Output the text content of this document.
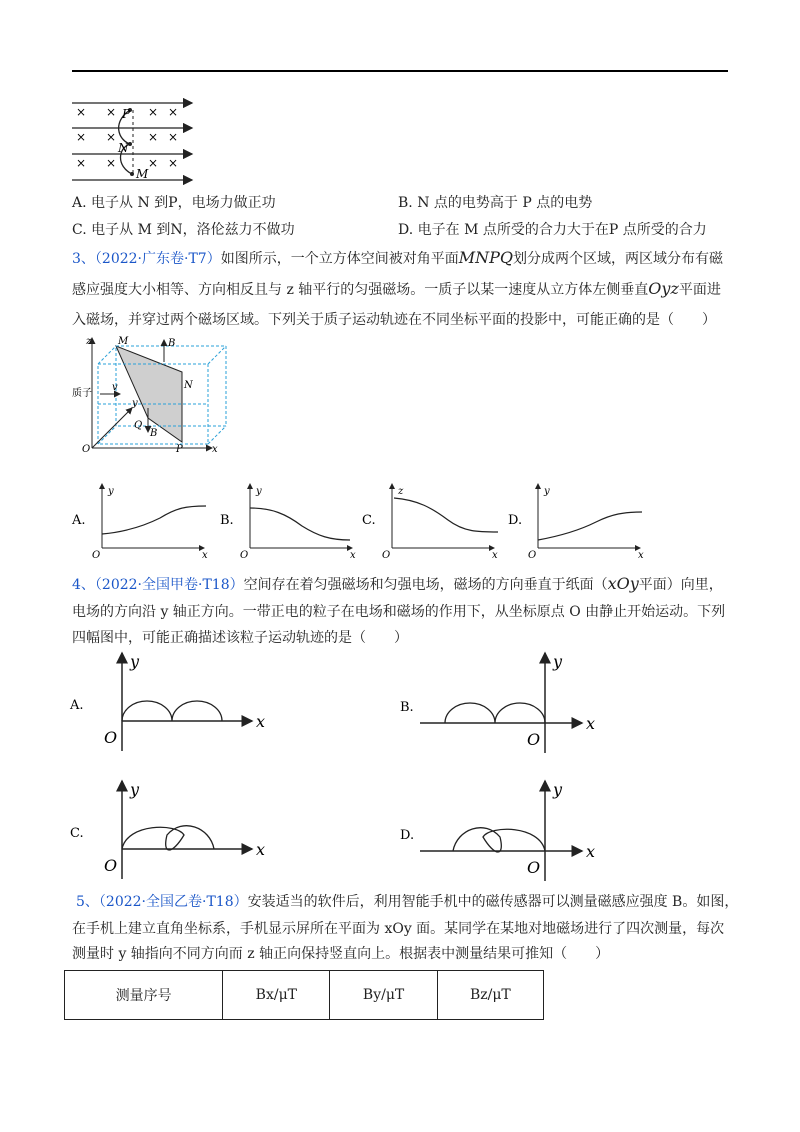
P
N
M
× ×	× ×
× ×	× ×
× ×	× ×
A. 电子从 N 到P，电场力做正功	B. N 点的电势高于 P 点的电势
C. 电子从 M 到N，洛伦兹力不做功	D. 电子在 M 点所受的合力大于在P 点所受的合力
3、（2022·广东卷·T7）如图所示，一个立方体空间被对角平面MNPQ划分成两个区域，两区域分布有磁
感应强度大小相等、方向相反且与 z 轴平行的匀强磁场。一质子以某一速度从立方体左侧垂直Oyz平面进
入磁场，并穿过两个磁场区域。下列关于质子运动轨迹在不同坐标平面的投影中，可能正确的是（　　）
z	M	B
N
质子
v
y
Q
B
O	P	x
A.
y
O	x
B.
y
O	x
C.
z
O	x
D.
y
O	x
4、（2022·全国甲卷·T18）空间存在着匀强磁场和匀强电场，磁场的方向垂直于纸面（xOy平面）向里，
电场的方向沿 y 轴正方向。一带正电的粒子在电场和磁场的作用下，从坐标原点 O 由静止开始运动。下列
四幅图中，可能正确描述该粒子运动轨迹的是（　　）
A.
y
x
O
B.
y
x
O
C.
y
x
O
D.
y
x
O
5、（2022·全国乙卷·T18）安装适当的软件后，利用智能手机中的磁传感器可以测量磁感应强度 B。如图，
在手机上建立直角坐标系，手机显示屏所在平面为 xOy 面。某同学在某地对地磁场进行了四次测量，每次
测量时 y 轴指向不同方向而 z 轴正向保持竖直向上。根据表中测量结果可推知（　　）
测量序号	Bx/μT	By/μT	Bz/μT
